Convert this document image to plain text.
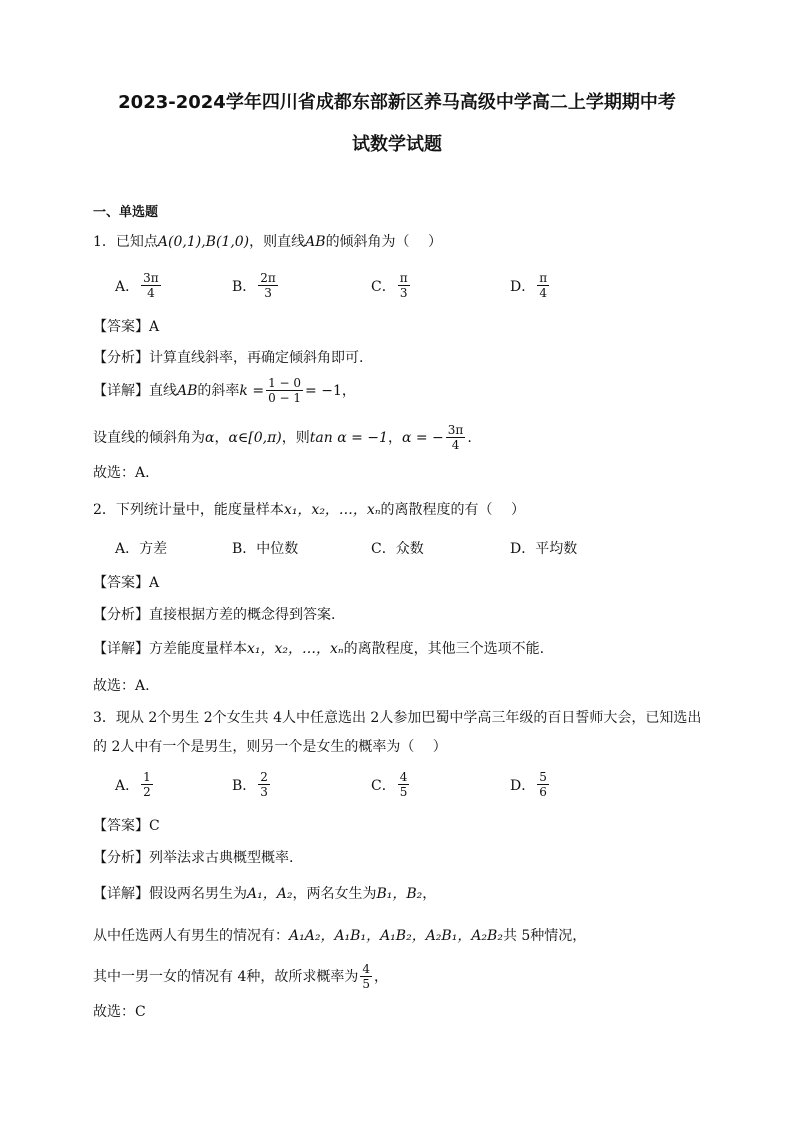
2023-2024学年四川省成都东部新区养马高级中学高二上学期期中考
试数学试题
一、单选题
1．已知点A(0,1),B(1,0)，则直线AB的倾斜角为（　 ）
A． $\frac{3\pi}{4}$	B． $\frac{2\pi}{3}$	C． $\frac{\pi}{3}$	D． $\frac{\pi}{4}$
【答案】A
【分析】计算直线斜率，再确定倾斜角即可.
【详解】 直线 AB 的斜率 $k = \frac{1 - 0}{0 - 1} = -1$，
设直线的倾斜角为 α ， α∈[0,π) ，则 tan α = −1 ， α = − $\frac{3\pi}{4}$ .
故选：A.
2．下列统计量中，能度量样本x₁，x₂，…，xₙ的离散程度的有（　 ）
A． 方差	B． 中位数	C． 众数	D． 平均数
【答案】A
【分析】直接根据方差的概念得到答案.
【详解】方差能度量样本x₁，x₂，…，xₙ的离散程度，其他三个选项不能.
故选：A.
3．现从 2个男生 2个女生共 4人中任意选出 2人参加巴蜀中学高三年级的百日誓师大会，已知选出
的 2人中有一个是男生，则另一个是女生的概率为（　 ）
A． $\frac{1}{2}$	B． $\frac{2}{3}$	C． $\frac{4}{5}$	D． $\frac{5}{6}$
【答案】C
【分析】列举法求古典概型概率.
【详解】假设两名男生为A₁，A₂，两名女生为B₁，B₂，
从中任选两人有男生的情况有：A₁A₂，A₁B₁，A₁B₂，A₂B₁，A₂B₂共 5种情况，
其中一男一女的情况有 4种，故所求概率为 $\frac{4}{5}$ ，
故选：C
